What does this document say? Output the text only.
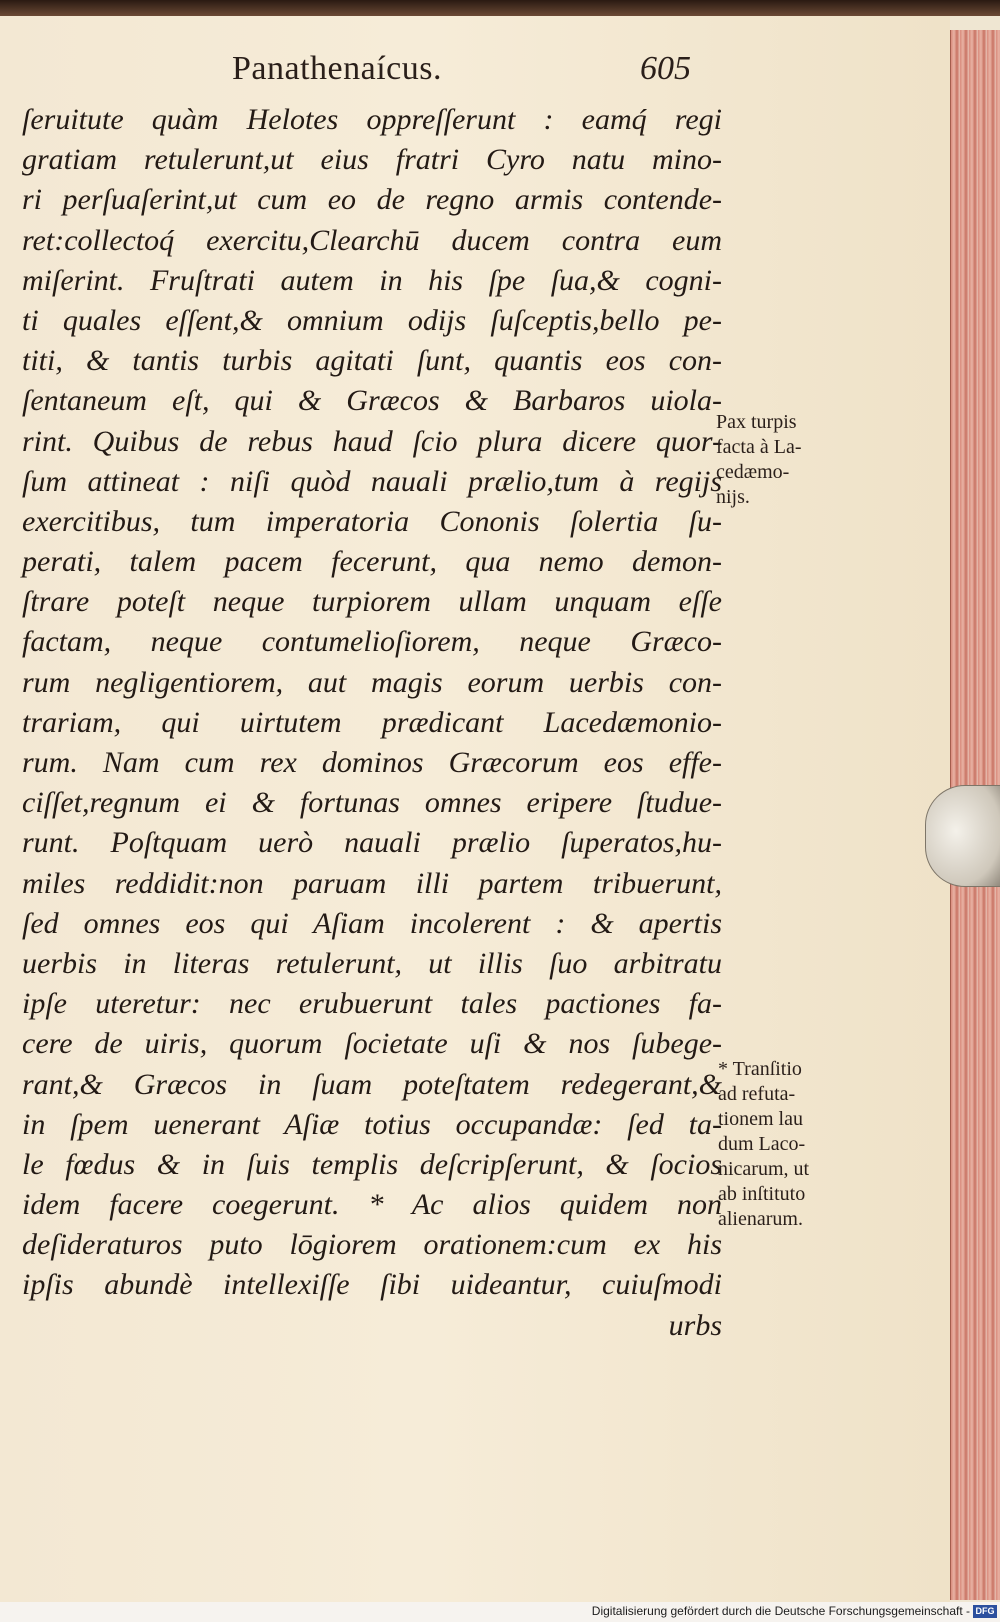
Panathenaícus.	605
ſeruitute quàm Helotes oppreſſerunt : eamq́ regi
gratiam retulerunt,ut eius fratri Cyro natu mino-
ri perſuaſerint,ut cum eo de regno armis contende-
ret:collectoq́ exercitu,Clearchū ducem contra eum
miſerint. Fruſtrati autem in his ſpe ſua,& cogni-
ti quales eſſent,& omnium odijs ſuſceptis,bello pe-
titi, & tantis turbis agitati ſunt, quantis eos con-
ſentaneum eſt, qui & Græcos & Barbaros uiola-
rint. Quibus de rebus haud ſcio plura dicere quor-
ſum attineat : niſi quòd nauali prælio,tum à regijs
exercitibus, tum imperatoria Cononis ſolertia ſu-
perati, talem pacem fecerunt, qua nemo demon-
ſtrare poteſt neque turpiorem ullam unquam eſſe
factam, neque contumelioſiorem, neque Græco-
rum negligentiorem, aut magis eorum uerbis con-
trariam, qui uirtutem prædicant Lacedæmonio-
rum. Nam cum rex dominos Græcorum eos effe-
ciſſet,regnum ei & fortunas omnes eripere ſtudue-
runt. Poſtquam uerò nauali prælio ſuperatos,hu-
miles reddidit:non paruam illi partem tribuerunt,
ſed omnes eos qui Aſiam incolerent : & apertis
uerbis in literas retulerunt, ut illis ſuo arbitratu
ipſe uteretur: nec erubuerunt tales pactiones fa-
cere de uiris, quorum ſocietate uſi & nos ſubege-
rant,& Græcos in ſuam poteſtatem redegerant,&
in ſpem uenerant Aſiæ totius occupandæ: ſed ta-
le fœdus & in ſuis templis deſcripſerunt, & ſocios
idem facere coegerunt. * Ac alios quidem non
deſideraturos puto lōgiorem orationem:cum ex his
ipſis abundè intellexiſſe ſibi uideantur, cuiuſmodi
urbs
Pax turpis
facta à La-
cedæmo-
nijs.
* Tranſitio
ad refuta-
tionem lau
dum Laco-
nicarum, ut
ab inſtituto
alienarum.
Digitalisierung gefördert durch die Deutsche Forschungsgemeinschaft - DFG
